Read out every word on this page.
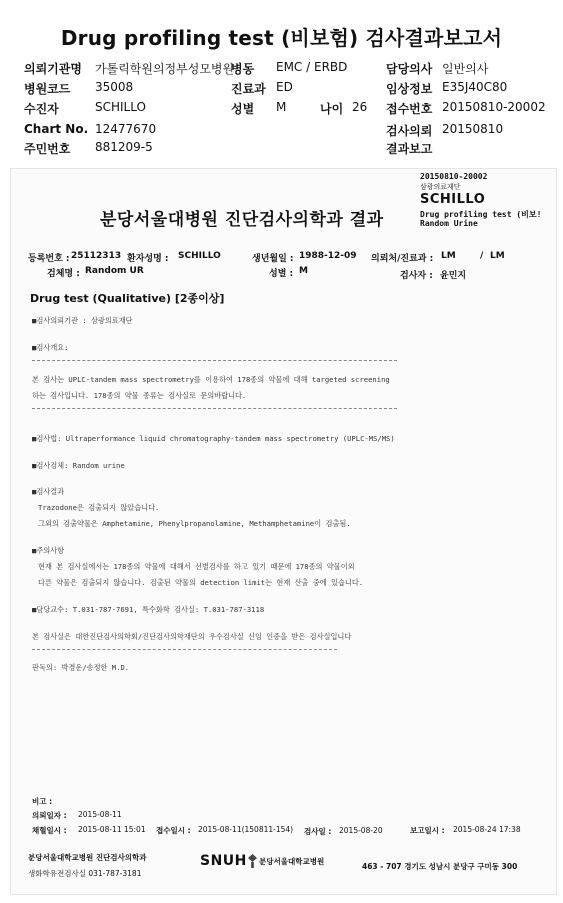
Drug profiling test (비보험) 검사결과보고서
의뢰기관명 가톨릭학원의정부성모병원
병동 EMC / ERBD	담당의사 일반의사
병원코드 35008	진료과 ED	임상정보 E35J40C80
수진자	SCHILLO	성별 M	나이 26 접수번호 20150810-20002
Chart No. 12477670	검사의뢰 20150810
주민번호 881209-5	결과보고
20150810-20002
삼광의료재단
SCHILLO
Drug profiling test (비보!
Random Urine
분당서울대병원 진단검사의학과 결과
등록번호 : 25112313 환자성명 : SCHILLO	생년월일 : 1988-12-09 의뢰처/진료과 : LM	/ LM
검체명 : Random UR	성별 : M	검사자 : 윤민지
Drug test (Qualitative) [2종이상]
■검사의뢰기관 : 삼광의료재단
■검사개요:
본 검사는 UPLC-tandem mass spectrometry를 이용하여 178종의 약물에 대해 targeted screening
하는 검사입니다. 178종의 약물 종류는 검사실로 문의바랍니다.
■검사법: Ultraperformance liquid chromatography-tandem mass spectrometry (UPLC-MS/MS)
■검사검체: Random urine
■검사결과
Trazodone은 검출되지 않았습니다.
그외의 검출약물은 Amphetamine, Phenylpropanolamine, Methamphetamine이 검출됨.
■주의사항
현재 본 검사실에서는 178종의 약물에 대해서 선별검사를 하고 있기 때문에 178종의 약물이외
다른 약물은 검출되지 않습니다. 검출된 약물의 detection limit는 현재 산출 중에 있습니다.
■담당교수: T.031-787-7691, 특수화학 검사실: T.031-787-3118
본 검사실은 대한진단검사의학회/진단검사의학재단의 우수검사실 신임 인증을 받은 검사실입니다
판독의: 박경운/송정한 M.D.
비고 :
의뢰일자 : 2015-08-11
채혈일시 : 2015-08-11 15:01 접수일시 : 2015-08-11(150811-154) 검사일 : 2015-08-20	보고일시 : 2015-08-24 17:38
분당서울대학교병원 진단검사의학과
생화학유전검사실 031-787-3181
SNUH 분당서울대학교병원
463 - 707 경기도 성남시 분당구 구미동 300
